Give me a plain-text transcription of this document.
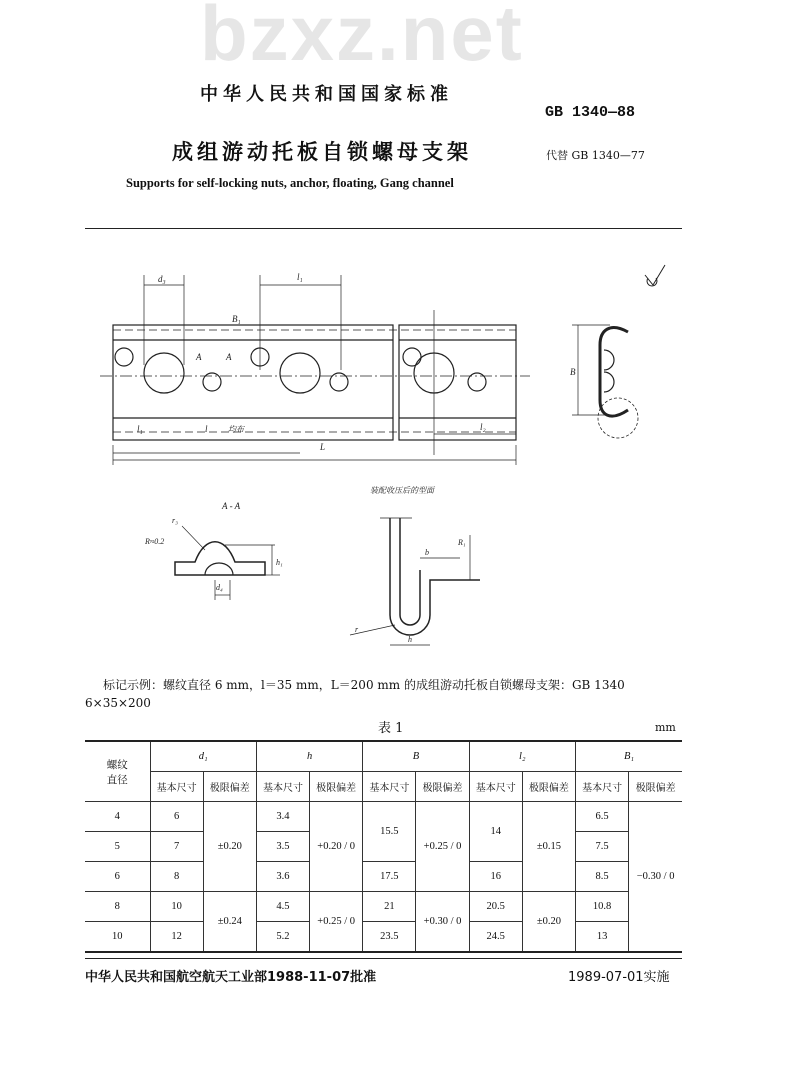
bzxz.net
中华人民共和国国家标准
GB 1340—88
成组游动托板自锁螺母支架	代替 GB 1340—77
Supports for self-locking nuts, anchor, floating, Gang channel
d₃	l₁
B₁
A	A
l₁	l	均布
L
l₂
B
A - A
r₃
R≈0.2
h₁
d₄
装配收压后的型面
R₁
b
r
h
标记示例：螺纹直径 6 mm，l＝35 mm，L＝200 mm 的成组游动托板自锁螺母支架：GB 1340
6×35×200
表 1	mm
螺纹直径	d₁		h		B		l₂		B₁	
	基本尺寸	极限偏差	基本尺寸	极限偏差	基本尺寸	极限偏差	基本尺寸	极限偏差	基本尺寸	极限偏差
4	6	±0.20	3.4	+0.20 / 0	15.5	+0.25 / 0	14	±0.15	6.5	−0.30 / 0
5	7		3.5						7.5	
6	8		3.6		17.5		16		8.5	
8	10	±0.24	4.5	+0.25 / 0	21	+0.30 / 0	20.5	±0.20	10.8	
10	12		5.2		23.5		24.5		13	
中华人民共和国航空航天工业部1988-11-07批准	1989-07-01实施
